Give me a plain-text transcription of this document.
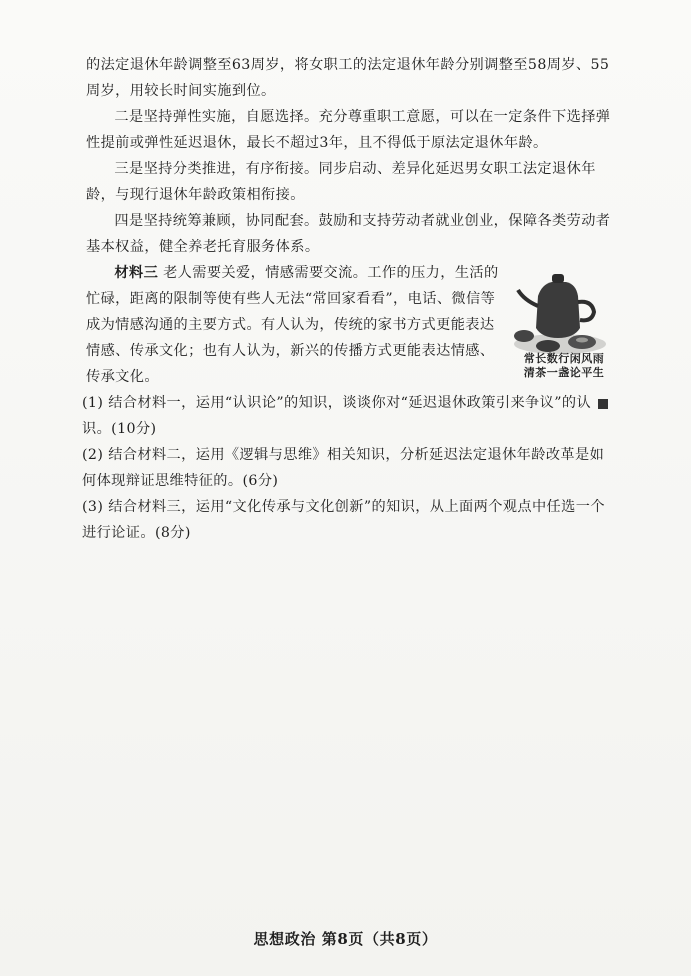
的法定退休年龄调整至63周岁，将女职工的法定退休年龄分别调整至58周岁、55周岁，用较长时间实施到位。

二是坚持弹性实施，自愿选择。充分尊重职工意愿，可以在一定条件下选择弹性提前或弹性延迟退休，最长不超过3年，且不得低于原法定退休年龄。

三是坚持分类推进，有序衔接。同步启动、差异化延迟男女职工法定退休年龄，与现行退休年龄政策相衔接。

四是坚持统筹兼顾，协同配套。鼓励和支持劳动者就业创业，保障各类劳动者基本权益，健全养老托育服务体系。

材料三 老人需要关爱，情感需要交流。工作的压力，生活的忙碌，距离的限制等使有些人无法“常回家看看”，电话、微信等成为情感沟通的主要方式。有人认为，传统的家书方式更能表达情感、传承文化；也有人认为，新兴的传播方式更能表达情感、传承文化。

(1) 结合材料一，运用“认识论”的知识，谈谈你对“延迟退休政策引来争议”的认识。(10分)

(2) 结合材料二，运用《逻辑与思维》相关知识，分析延迟法定退休年龄改革是如何体现辩证思维特征的。(6分)

(3) 结合材料三，运用“文化传承与文化创新”的知识，从上面两个观点中任选一个进行论证。(8分)

常长数行闲风雨
清茶一盏论平生
思想政治 第8页（共8页）
